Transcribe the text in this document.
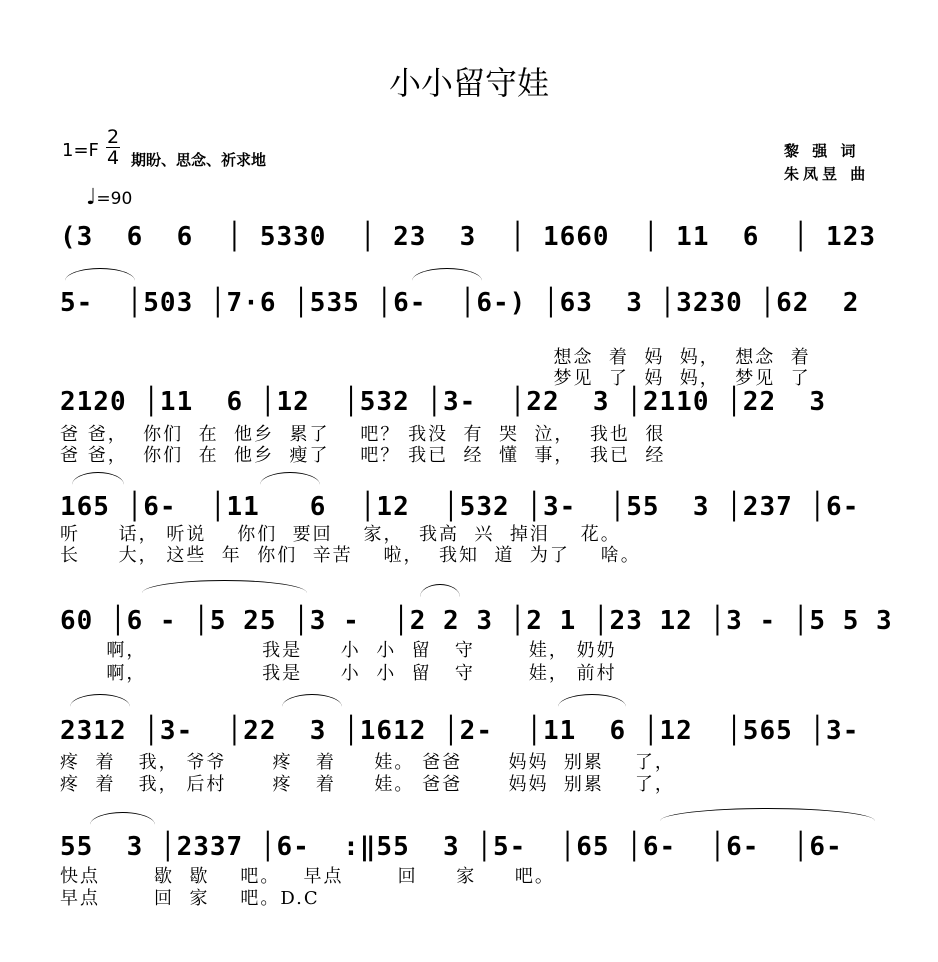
小小留守娃
1=F
2
4 期盼、思念、祈求地	黎 强 词
朱凤昱 曲
♩=90
(3  6  6  │ 5330  │ 23  3  │ 1660  │ 11  6  │ 123
5-  │503 │7·6 │535 │6-  │6-) │63  3 │3230 │62  2

想念  着  妈  妈，  想念  着

梦见  了  妈  妈，  梦见  了

2120 │11  6 │12  │532 │3-  │22  3 │2110 │22  3
爸 爸，  你们  在  他乡  累了    吧？ 我没  有  哭  泣，  我也  很
爸 爸，  你们  在  他乡  瘦了    吧？ 我已  经  懂  事，  我已  经
165 │6-  │11   6  │12  │532 │3-  │55  3 │237 │6-
听     话， 听说    你们  要回    家，  我高  兴  掉泪    花。
长     大， 这些  年  你们  辛苦    啦，  我知  道  为了    啥。
60 │6 - │5 25 │3 -  │2 2 3 │2 1 │23 12 │3 - │5 5 3
啊，               我是     小  小  留   守       娃， 奶奶
啊，               我是     小  小  留   守       娃， 前村
2312 │3-  │22  3 │1612 │2-  │11  6 │12  │565 │3-
疼  着   我， 爷爷      疼   着     娃。 爸爸      妈妈  别累    了，
疼  着   我， 后村      疼   着     娃。 爸爸      妈妈  别累    了，
55  3 │2337 │6-  :‖55  3 │5-  │65 │6-  │6-  │6-
快点       歇  歇    吧。   早点       回     家     吧。
早点       回  家    吧。D.C
